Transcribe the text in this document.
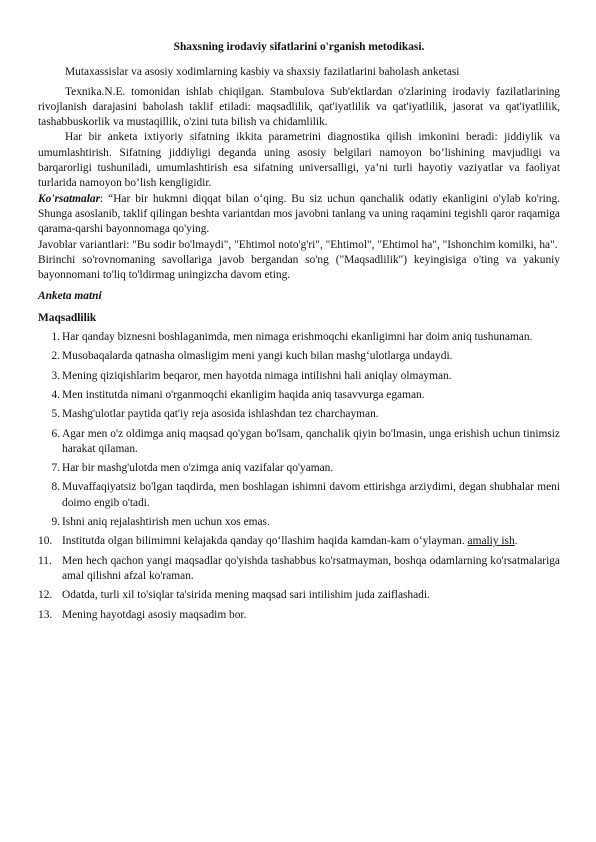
Shaxsning irodaviy sifatlarini o'rganish metodikasi.

Mutaxassislar va asosiy xodimlarning kasbiy va shaxsiy fazilatlarini baholash anketasi

Texnika.N.E. tomonidan ishlab chiqilgan. Stambulova Sub'ektlardan o'zlarining irodaviy fazilatlarining rivojlanish darajasini baholash taklif etiladi: maqsadlilik, qat'iyatlilik va qat'iyatlilik, jasorat va qat'iyatlilik, tashabbuskorlik va mustaqillik, o'zini tuta bilish va chidamlilik.

Har bir anketa ixtiyoriy sifatning ikkita parametrini diagnostika qilish imkonini beradi: jiddiylik va umumlashtirish. Sifatning jiddiyligi deganda uning asosiy belgilari namoyon bo’lishining mavjudligi va barqarorligi tushuniladi, umumlashtirish esa sifatning universalligi, ya’ni turli hayotiy vaziyatlar va faoliyat turlarida namoyon bo’lish kengligidir.

Ko'rsatmalar: “Har bir hukmni diqqat bilan o‘qing. Bu siz uchun qanchalik odatiy ekanligini o'ylab ko'ring. Shunga asoslanib, taklif qilingan beshta variantdan mos javobni tanlang va uning raqamini tegishli qaror raqamiga qarama-qarshi bayonnomaga qo'ying.

Javoblar variantlari: "Bu sodir bo'lmaydi", "Ehtimol noto'g'ri", "Ehtimol", "Ehtimol ha", "Ishonchim komilki, ha".

Birinchi so'rovnomaning savollariga javob bergandan so'ng ("Maqsadlilik") keyingisiga o'ting va yakuniy bayonnomani to'liq to'ldirmag uningizcha davom eting.

Anketa matni

Maqsadlilik

1. Har qanday biznesni boshlaganimda, men nimaga erishmoqchi ekanligimni har doim aniq tushunaman.
2. Musobaqalarda qatnasha olmasligim meni yangi kuch bilan mashg‘ulotlarga undaydi.
3. Mening qiziqishlarim beqaror, men hayotda nimaga intilishni hali aniqlay olmayman.
4. Men institutda nimani o'rganmoqchi ekanligim haqida aniq tasavvurga egaman.
5. Mashg'ulotlar paytida qat'iy reja asosida ishlashdan tez charchayman.
6. Agar men o'z oldimga aniq maqsad qo'ygan bo'lsam, qanchalik qiyin bo'lmasin, unga erishish uchun tinimsiz harakat qilaman.
7. Har bir mashg'ulotda men o'zimga aniq vazifalar qo'yaman.
8. Muvaffaqiyatsiz bo'lgan taqdirda, men boshlagan ishimni davom ettirishga arziydimi, degan shubhalar meni doimo engib o'tadi.
9. Ishni aniq rejalashtirish men uchun xos emas.
10. Institutda olgan bilimimni kelajakda qanday qo‘llashim haqida kamdan-kam o‘ylayman. amaliy ish.
11. Men hech qachon yangi maqsadlar qo'yishda tashabbus ko'rsatmayman, boshqa odamlarning ko'rsatmalariga amal qilishni afzal ko'raman.
12. Odatda, turli xil to'siqlar ta'sirida mening maqsad sari intilishim juda zaiflashadi.
13. Mening hayotdagi asosiy maqsadim bor.
